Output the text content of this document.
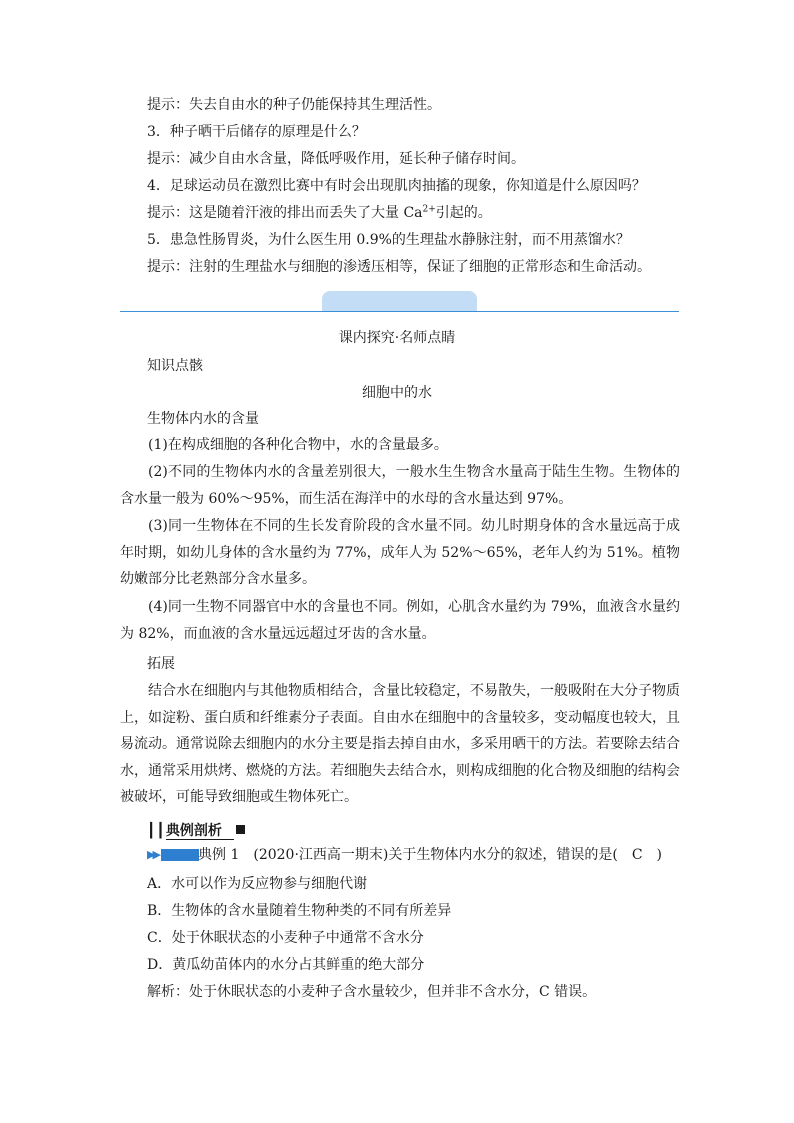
提示：失去自由水的种子仍能保持其生理活性。

3．种子晒干后储存的原理是什么？

提示：减少自由水含量，降低呼吸作用，延长种子储存时间。

4．足球运动员在激烈比赛中有时会出现肌肉抽搐的现象，你知道是什么原因吗？

提示：这是随着汗液的排出而丢失了大量 $Ca^{2+}$引起的。

5．患急性肠胃炎，为什么医生用 0.9%的生理盐水静脉注射，而不用蒸馏水？

提示：注射的生理盐水与细胞的渗透压相等，保证了细胞的正常形态和生命活动。

课内探究·名师点睛

知识点骸

细胞中的水

生物体内水的含量

(1)在构成细胞的各种化合物中，水的含量最多。

(2)不同的生物体内水的含量差别很大，一般水生生物含水量高于陆生生物。生物体的含水量一般为 60%～95%，而生活在海洋中的水母的含水量达到 97%。

(3)同一生物体在不同的生长发育阶段的含水量不同。幼儿时期身体的含水量远高于成年时期，如幼儿身体的含水量约为 77%，成年人为 52%～65%，老年人约为 51%。植物幼嫩部分比老熟部分含水量多。

(4)同一生物不同器官中水的含量也不同。例如，心肌含水量约为 79%，血液含水量约为 82%，而血液的含水量远远超过牙齿的含水量。

拓展

结合水在细胞内与其他物质相结合，含量比较稳定，不易散失，一般吸附在大分子物质上，如淀粉、蛋白质和纤维素分子表面。自由水在细胞中的含量较多，变动幅度也较大，且易流动。通常说除去细胞内的水分主要是指去掉自由水，多采用晒干的方法。若要除去结合水，通常采用烘烤、燃烧的方法。若细胞失去结合水，则构成细胞的化合物及细胞的结构会被破坏，可能导致细胞或生物体死亡。

┃┃典例剖析
▶▶	典例 1　(2020·江西高一期末)关于生物体内水分的叙述，错误的是(　C　)

A．水可以作为反应物参与细胞代谢

B．生物体的含水量随着生物种类的不同有所差异

C．处于休眠状态的小麦种子中通常不含水分

D．黄瓜幼苗体内的水分占其鲜重的绝大部分

解析：处于休眠状态的小麦种子含水量较少，但并非不含水分，C 错误。
